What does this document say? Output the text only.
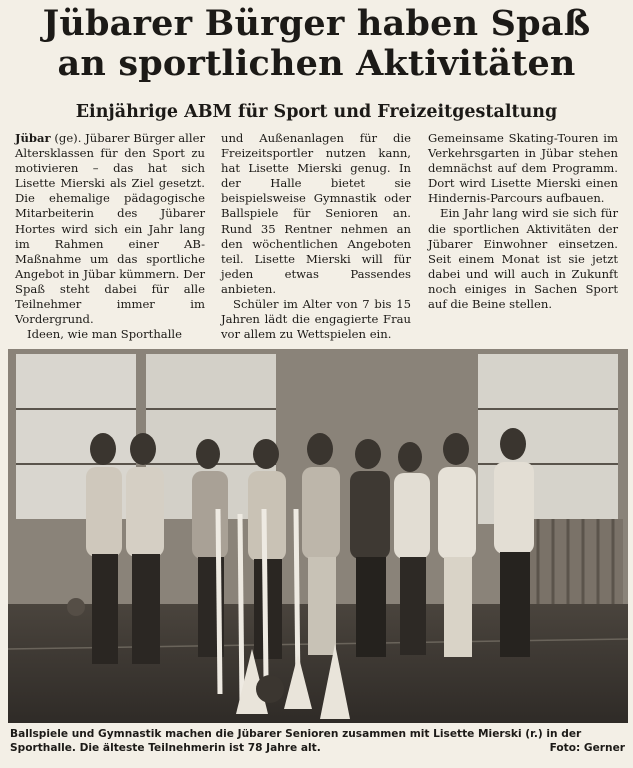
Jübarer Bürger haben Spaß
an sportlichen Aktivitäten
Einjährige ABM für Sport und Freizeitgestaltung

Jübar (ge). Jübarer Bürger aller Altersklassen für den Sport zu motivieren – das hat sich Lisette Mierski als Ziel gesetzt. Die ehemalige pädagogische Mitarbeiterin des Jübarer Hortes wird sich ein Jahr lang im Rahmen einer AB-Maßnahme um das sportliche Angebot in Jübar kümmern. Der Spaß steht dabei für alle Teilnehmer immer im Vordergrund.

Ideen, wie man Sporthalle

und Außenanlagen für die Freizeitsportler nutzen kann, hat Lisette Mierski genug. In der Halle bietet sie beispielsweise Gymnastik oder Ballspiele für Senioren an. Rund 35 Rentner nehmen an den wöchentlichen Angeboten teil. Lisette Mierski will für jeden etwas Passendes anbieten.

Schüler im Alter von 7 bis 15 Jahren lädt die engagierte Frau vor allem zu Wettspielen ein.

Gemeinsame Skating-Touren im Verkehrsgarten in Jübar stehen demnächst auf dem Programm. Dort wird Lisette Mierski einen Hindernis-Parcours aufbauen.

Ein Jahr lang wird sie sich für die sportlichen Aktivitäten der Jübarer Einwohner einsetzen. Seit einem Monat ist sie jetzt dabei und will auch in Zukunft noch einiges in Sachen Sport auf die Beine stellen.

Ballspiele und Gymnastik machen die Jübarer Senioren zusammen mit Lisette Mierski (r.) in der Sporthalle. Die älteste Teilnehmerin ist 78 Jahre alt.	Foto: Gerner
